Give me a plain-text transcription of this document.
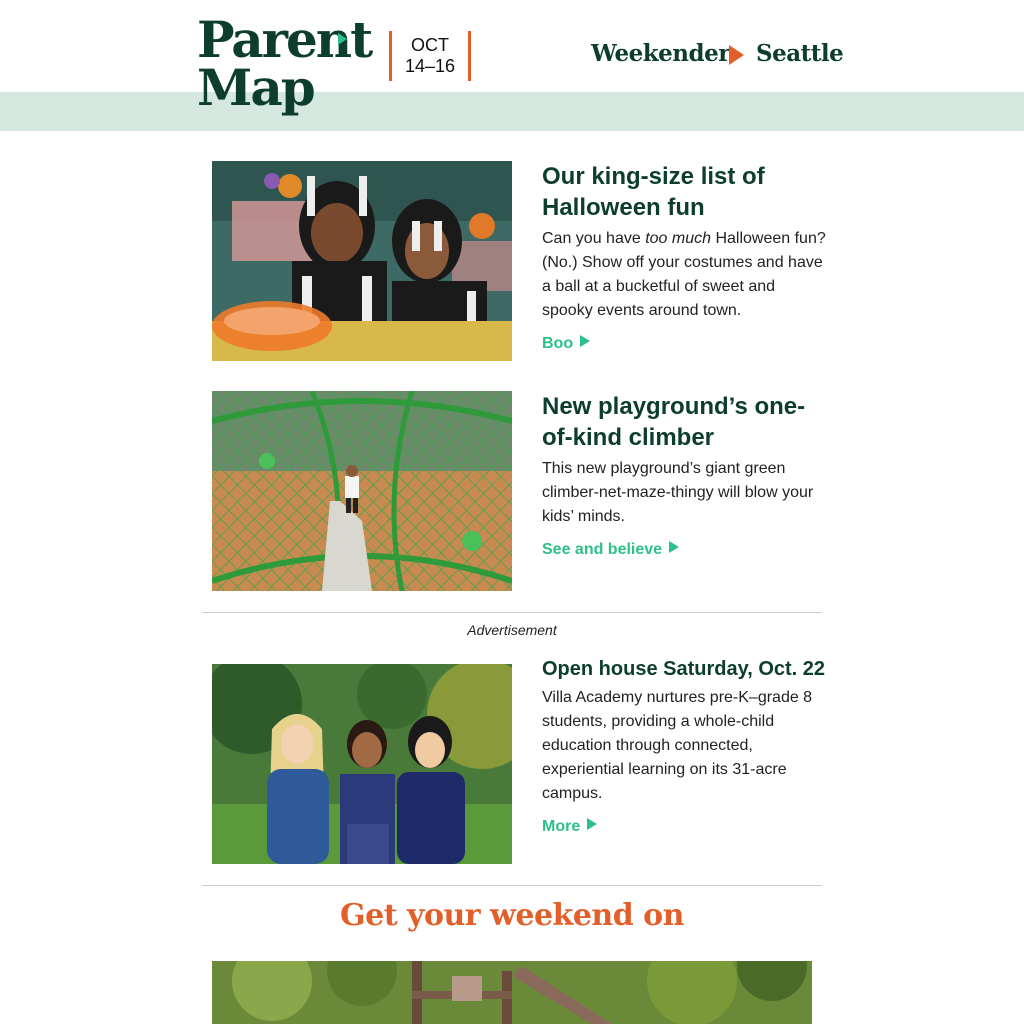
Parent
Map
OCT
14–16	Weekender Seattle
Our king-size list of Halloween fun

Can you have too much Halloween fun? (No.) Show off your costumes and have a ball at a bucketful of sweet and spooky events around town.

Boo
New playground’s one-of-kind climber

This new playground’s giant green climber-net-maze-thingy will blow your kids’ minds.

See and believe
Advertisement
Open house Saturday, Oct. 22

Villa Academy nurtures pre-K–grade 8 students, providing a whole-child education through connected, experiential learning on its 31-acre campus.

More
Get your weekend on
